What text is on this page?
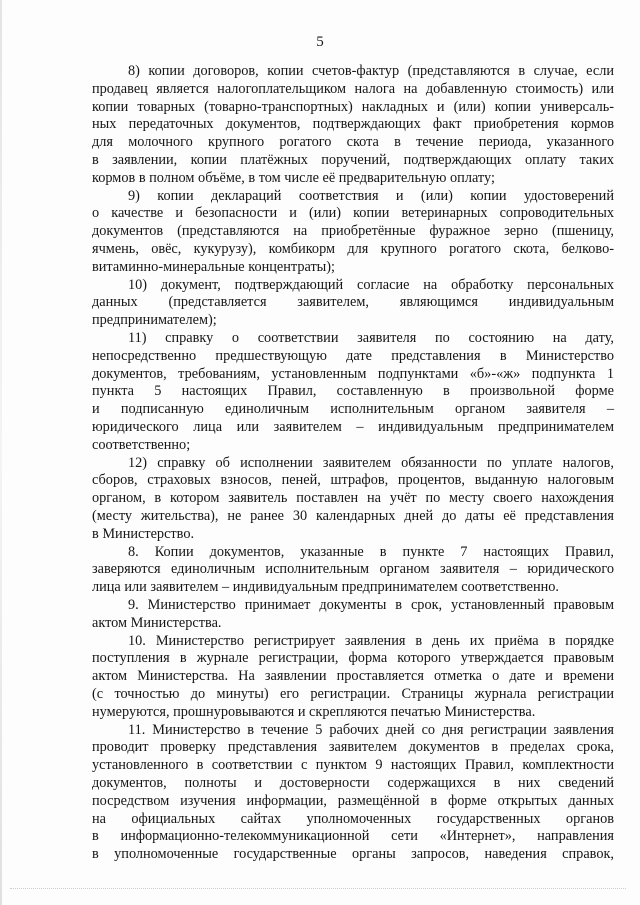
5

8) копии договоров, копии счетов-фактур (представляются в случае, если

продавец является налогоплательщиком налога на добавленную стоимость) или

копии товарных (товарно-транспортных) накладных и (или) копии универсаль-

ных передаточных документов, подтверждающих факт приобретения кормов

для молочного крупного рогатого скота в течение периода, указанного

в заявлении, копии платёжных поручений, подтверждающих оплату таких

кормов в полном объёме, в том числе её предварительную оплату;

9) копии деклараций соответствия и (или) копии удостоверений

о качестве и безопасности и (или) копии ветеринарных сопроводительных

документов (представляются на приобретённые фуражное зерно (пшеницу,

ячмень, овёс, кукурузу), комбикорм для крупного рогатого скота, белково-

витаминно-минеральные концентраты);

10) документ, подтверждающий согласие на обработку персональных

данных (представляется заявителем, являющимся индивидуальным

предпринимателем);

11) справку о соответствии заявителя по состоянию на дату,

непосредственно предшествующую дате представления в Министерство

документов, требованиям, установленным подпунктами «б»-«ж» подпункта 1

пункта 5 настоящих Правил, составленную в произвольной форме

и подписанную единоличным исполнительным органом заявителя –

юридического лица или заявителем – индивидуальным предпринимателем

соответственно;

12) справку об исполнении заявителем обязанности по уплате налогов,

сборов, страховых взносов, пеней, штрафов, процентов, выданную налоговым

органом, в котором заявитель поставлен на учёт по месту своего нахождения

(месту жительства), не ранее 30 календарных дней до даты её представления

в Министерство.

8. Копии документов, указанные в пункте 7 настоящих Правил,

заверяются единоличным исполнительным органом заявителя – юридического

лица или заявителем – индивидуальным предпринимателем соответственно.

9. Министерство принимает документы в срок, установленный правовым

актом Министерства.

10. Министерство регистрирует заявления в день их приёма в порядке

поступления в журнале регистрации, форма которого утверждается правовым

актом Министерства. На заявлении проставляется отметка о дате и времени

(с точностью до минуты) его регистрации. Страницы журнала регистрации

нумеруются, прошнуровываются и скрепляются печатью Министерства.

11. Министерство в течение 5 рабочих дней со дня регистрации заявления

проводит проверку представления заявителем документов в пределах срока,

установленного в соответствии с пунктом 9 настоящих Правил, комплектности

документов, полноты и достоверности содержащихся в них сведений

посредством изучения информации, размещённой в форме открытых данных

на официальных сайтах уполномоченных государственных органов

в информационно-телекоммуникационной сети «Интернет», направления

в уполномоченные государственные органы запросов, наведения справок,
